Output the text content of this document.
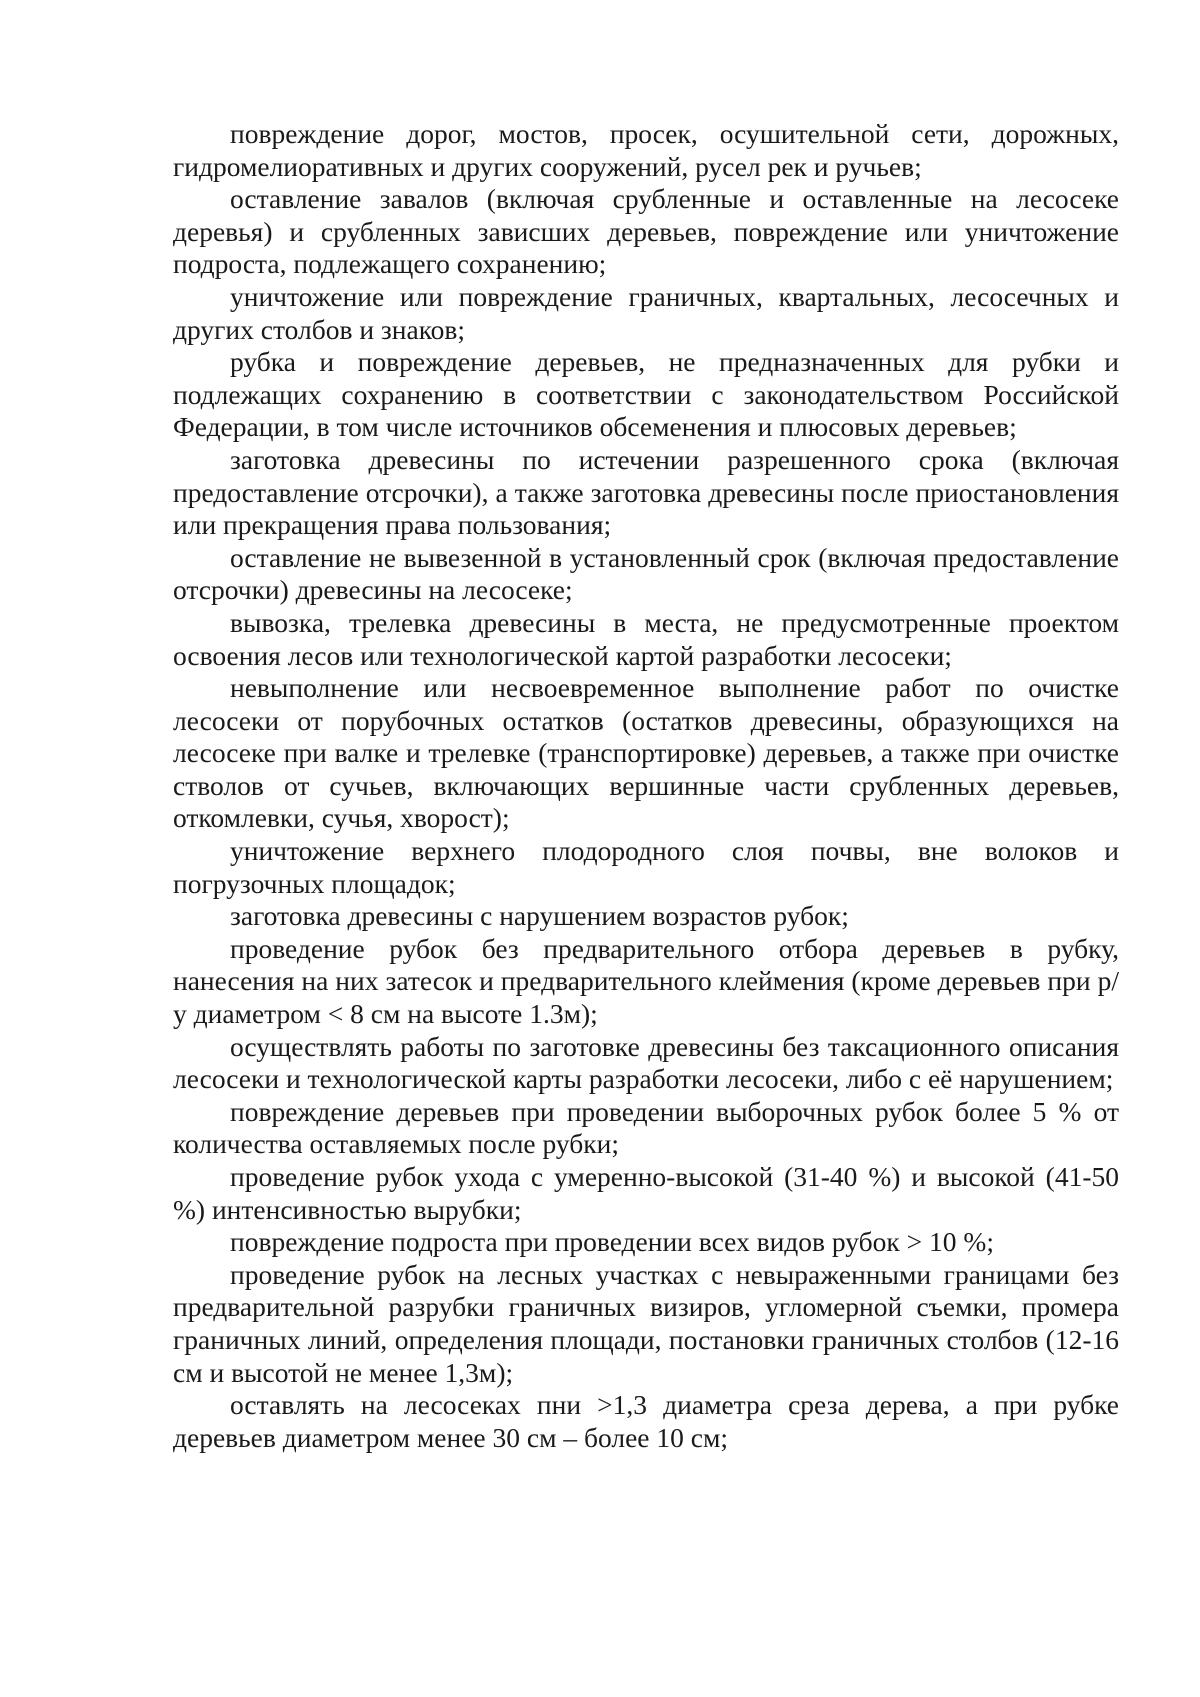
повреждение дорог, мостов, просек, осушительной сети, дорожных, гидромелиоративных и других сооружений, русел рек и ручьев;

оставление завалов (включая срубленные и оставленные на лесосеке деревья) и срубленных зависших деревьев, повреждение или уничтожение подроста, подлежащего сохранению;

уничтожение или повреждение граничных, квартальных, лесосечных и других столбов и знаков;

рубка и повреждение деревьев, не предназначенных для рубки и подлежащих сохранению в соответствии с законодательством Российской Федерации, в том числе источников обсеменения и плюсовых деревьев;

заготовка древесины по истечении разрешенного срока (включая предоставление отсрочки), а также заготовка древесины после приостановления или прекращения права пользования;

оставление не вывезенной в установленный срок (включая предоставление отсрочки) древесины на лесосеке;

вывозка, трелевка древесины в места, не предусмотренные проектом освоения лесов или технологической картой разработки лесосеки;

невыполнение или несвоевременное выполнение работ по очистке лесосеки от порубочных остатков (остатков древесины, образующихся на лесосеке при валке и трелевке (транспортировке) деревьев, а также при очистке стволов от сучьев, включающих вершинные части срубленных деревьев, откомлевки, сучья, хворост);

уничтожение верхнего плодородного слоя почвы, вне волоков и погрузочных площадок;

заготовка древесины с нарушением возрастов рубок;

проведение рубок без предварительного отбора деревьев в рубку, нанесения на них затесок и предварительного клеймения (кроме деревьев при р/у диаметром < 8 см на высоте 1.3м);

осуществлять работы по заготовке древесины без таксационного описания лесосеки и технологической карты разработки лесосеки, либо с её нарушением;

повреждение деревьев при проведении выборочных рубок более 5 % от количества оставляемых после рубки;

проведение рубок ухода с умеренно-высокой (31-40 %) и высокой (41-50 %) интенсивностью вырубки;

повреждение подроста при проведении всех видов рубок > 10 %;

проведение рубок на лесных участках с невыраженными границами без предварительной разрубки граничных визиров, угломерной съемки, промера граничных линий, определения площади, постановки граничных столбов (12-16 см и высотой не менее 1,3м);

оставлять на лесосеках пни >1,3 диаметра среза дерева, а при рубке деревьев диаметром менее 30 см – более 10 см;
